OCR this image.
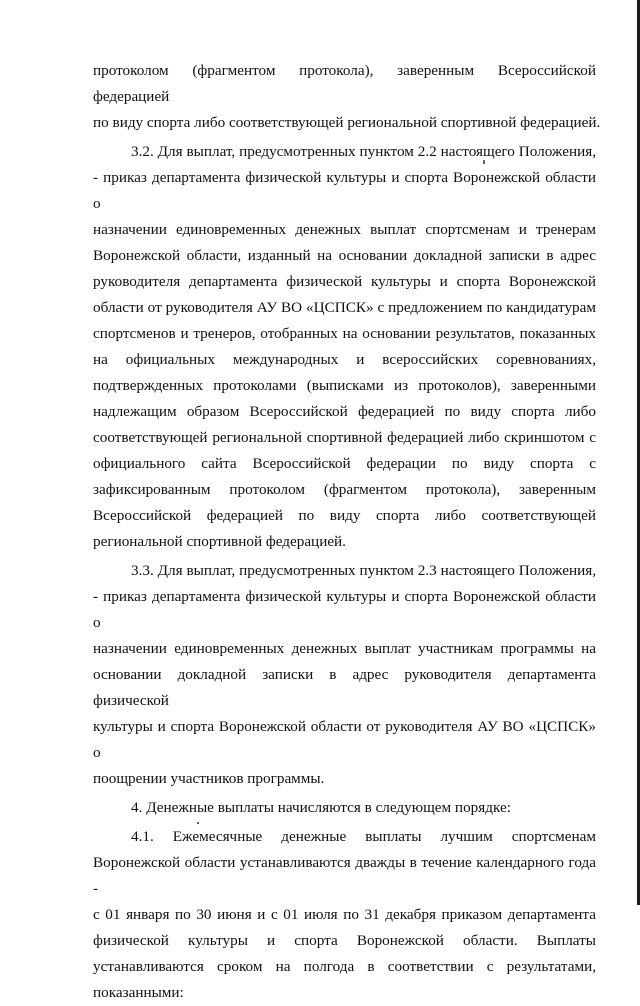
протоколом (фрагментом протокола), заверенным Всероссийской федерацией
по виду спорта либо соответствующей региональной спортивной федерацией.

3.2. Для выплат, предусмотренных пунктом 2.2 настоящего Положения,
- приказ департамента физической культуры и спорта Воронежской области о
назначении единовременных денежных выплат спортсменам и тренерам
Воронежской области, изданный на основании докладной записки в адрес
руководителя департамента физической культуры и спорта Воронежской
области от руководителя АУ ВО «ЦСПСК» с предложением по кандидатурам
спортсменов и тренеров, отобранных на основании результатов, показанных
на официальных международных и всероссийских соревнованиях,
подтвержденных протоколами (выписками из протоколов), заверенными
надлежащим образом Всероссийской федерацией по виду спорта либо
соответствующей региональной спортивной федерацией либо скриншотом с
официального сайта Всероссийской федерации по виду спорта с
зафиксированным протоколом (фрагментом протокола), заверенным
Всероссийской федерацией по виду спорта либо соответствующей
региональной спортивной федерацией.

3.3. Для выплат, предусмотренных пунктом 2.3 настоящего Положения,
- приказ департамента физической культуры и спорта Воронежской области о
назначении единовременных денежных выплат участникам программы на
основании докладной записки в адрес руководителя департамента физической
культуры и спорта Воронежской области от руководителя АУ ВО «ЦСПСК» о
поощрении участников программы.

4. Денежные выплаты начисляются в следующем порядке:

4.1. Ежемесячные денежные выплаты лучшим спортсменам
Воронежской области устанавливаются дважды в течение календарного года -
с 01 января по 30 июня и с 01 июля по 31 декабря приказом департамента
физической культуры и спорта Воронежской области. Выплаты
устанавливаются сроком на полгода в соответствии с результатами,
показанными:
